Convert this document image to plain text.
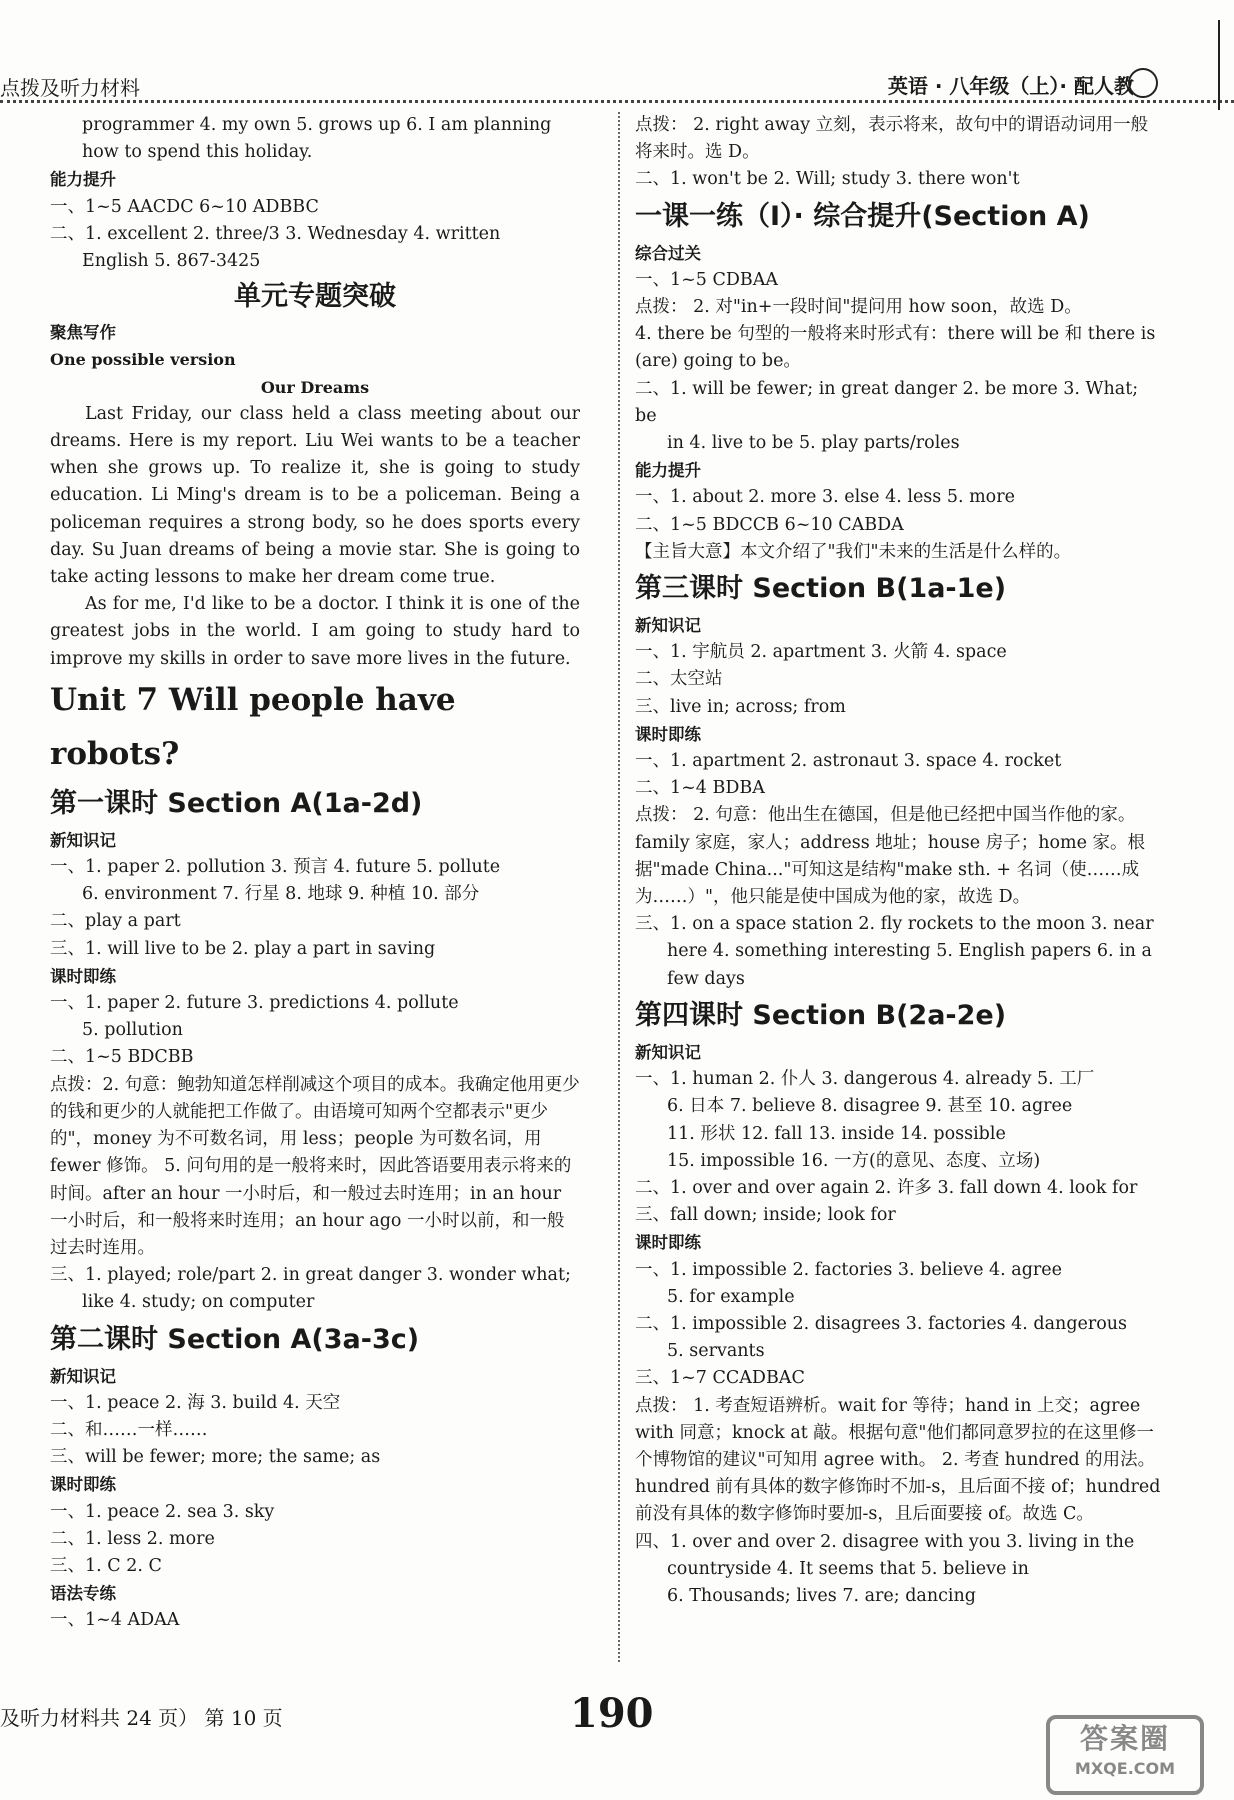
点拨及听力材料	英语 · 八年级（上）· 配人教
programmer 4. my own 5. grows up 6. I am planning
how to spend this holiday.
能力提升
一、1~5 AACDC 6~10 ADBBC
二、1. excellent 2. three/3 3. Wednesday 4. written
English 5. 867-3425
单元专题突破
聚焦写作
One possible version
Our Dreams

Last Friday, our class held a class meeting about our dreams. Here is my report. Liu Wei wants to be a teacher when she grows up. To realize it, she is going to study education. Li Ming's dream is to be a policeman. Being a policeman requires a strong body, so he does sports every day. Su Juan dreams of being a movie star. She is going to take acting lessons to make her dream come true.

As for me, I'd like to be a doctor. I think it is one of the greatest jobs in the world. I am going to study hard to improve my skills in order to save more lives in the future.

Unit 7 Will people have robots?
第一课时 Section A(1a-2d)
新知识记
一、1. paper 2. pollution 3. 预言 4. future 5. pollute
6. environment 7. 行星 8. 地球 9. 种植 10. 部分
二、play a part
三、1. will live to be 2. play a part in saving
课时即练
一、1. paper 2. future 3. predictions 4. pollute
5. pollution
二、1~5 BDCBB

点拨：2. 句意：鲍勃知道怎样削减这个项目的成本。我确定他用更少的钱和更少的人就能把工作做了。由语境可知两个空都表示"更少的"，money 为不可数名词，用 less；people 为可数名词，用 fewer 修饰。 5. 问句用的是一般将来时，因此答语要用表示将来的时间。after an hour 一小时后，和一般过去时连用；in an hour 一小时后，和一般将来时连用；an hour ago 一小时以前，和一般过去时连用。

三、1. played; role/part 2. in great danger 3. wonder what;
like 4. study; on computer
第二课时 Section A(3a-3c)
新知识记
一、1. peace 2. 海 3. build 4. 天空
二、和……一样……
三、will be fewer; more; the same; as
课时即练
一、1. peace 2. sea 3. sky
二、1. less 2. more
三、1. C 2. C
语法专练
一、1~4 ADAA

点拨： 2. right away 立刻，表示将来，故句中的谓语动词用一般将来时。选 D。

二、1. won't be 2. Will; study 3. there won't
一课一练（Ⅰ）· 综合提升(Section A)
综合过关
一、1~5 CDBAA
点拨： 2. 对"in+一段时间"提问用 how soon，故选 D。

4. there be 句型的一般将来时形式有：there will be 和 there is (are) going to be。

二、1. will be fewer; in great danger 2. be more 3. What; be
in 4. live to be 5. play parts/roles
能力提升
一、1. about 2. more 3. else 4. less 5. more
二、1~5 BDCCB 6~10 CABDA
【主旨大意】本文介绍了"我们"未来的生活是什么样的。
第三课时 Section B(1a-1e)
新知识记
一、1. 宇航员 2. apartment 3. 火箭 4. space
二、太空站
三、live in; across; from
课时即练
一、1. apartment 2. astronaut 3. space 4. rocket
二、1~4 BDBA

点拨： 2. 句意：他出生在德国，但是他已经把中国当作他的家。family 家庭，家人；address 地址；house 房子；home 家。根据"made China..."可知这是结构"make sth. + 名词（使……成为……）"，他只能是使中国成为他的家，故选 D。

三、1. on a space station 2. fly rockets to the moon 3. near
here 4. something interesting 5. English papers 6. in a
few days
第四课时 Section B(2a-2e)
新知识记
一、1. human 2. 仆人 3. dangerous 4. already 5. 工厂
6. 日本 7. believe 8. disagree 9. 甚至 10. agree
11. 形状 12. fall 13. inside 14. possible
15. impossible 16. 一方(的意见、态度、立场)
二、1. over and over again 2. 许多 3. fall down 4. look for
三、fall down; inside; look for
课时即练
一、1. impossible 2. factories 3. believe 4. agree
5. for example
二、1. impossible 2. disagrees 3. factories 4. dangerous
5. servants
三、1~7 CCADBAC

点拨： 1. 考查短语辨析。wait for 等待；hand in 上交；agree with 同意；knock at 敲。根据句意"他们都同意罗拉的在这里修一个博物馆的建议"可知用 agree with。 2. 考查 hundred 的用法。hundred 前有具体的数字修饰时不加-s，且后面不接 of；hundred 前没有具体的数字修饰时要加-s，且后面要接 of。故选 C。

四、1. over and over 2. disagree with you 3. living in the
countryside 4. It seems that 5. believe in
6. Thousands; lives 7. are; dancing
及听力材料共 24 页） 第 10 页	190
答案圈
MXQE.COM
